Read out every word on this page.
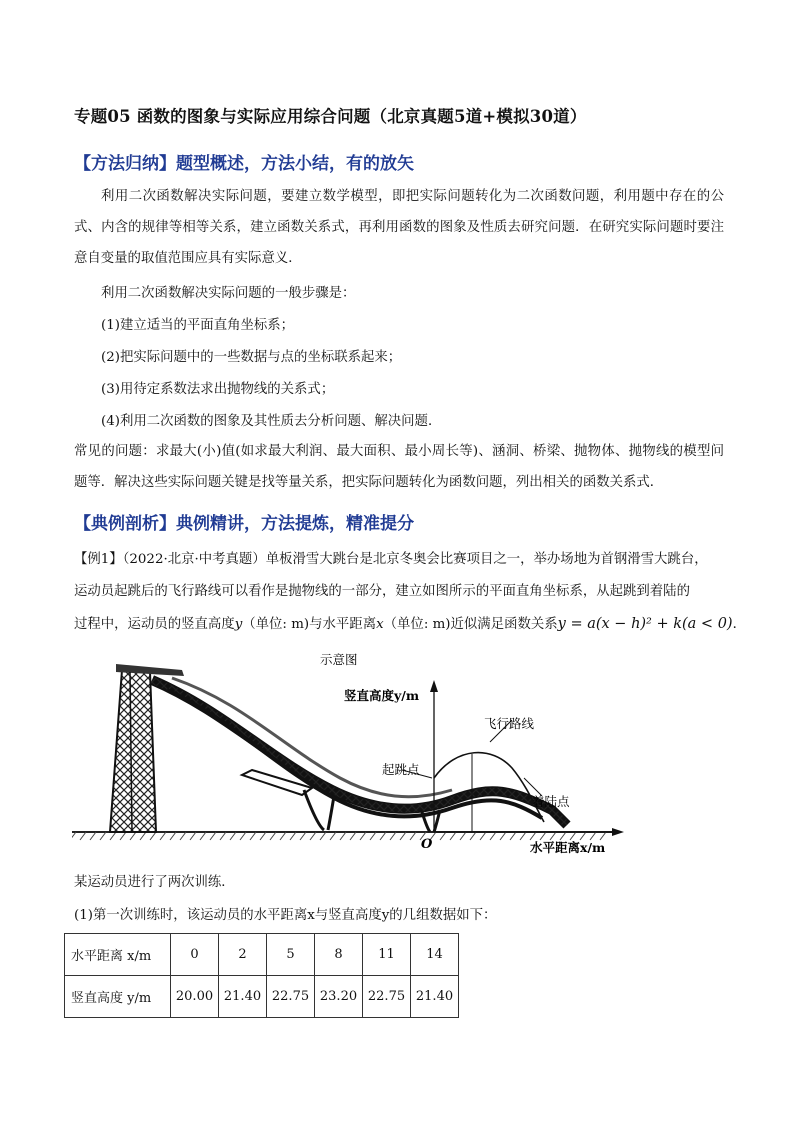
专题05 函数的图象与实际应用综合问题（北京真题5道+模拟30道）
【方法归纳】题型概述，方法小结，有的放矢
利用二次函数解决实际问题，要建立数学模型，即把实际问题转化为二次函数问题，利用题中存在的公式、内含的规律等相等关系，建立函数关系式，再利用函数的图象及性质去研究问题．在研究实际问题时要注意自变量的取值范围应具有实际意义．
利用二次函数解决实际问题的一般步骤是：
(1)建立适当的平面直角坐标系；
(2)把实际问题中的一些数据与点的坐标联系起来；
(3)用待定系数法求出抛物线的关系式；
(4)利用二次函数的图象及其性质去分析问题、解决问题．
常见的问题：求最大(小)值(如求最大利润、最大面积、最小周长等)、涵洞、桥梁、抛物体、抛物线的模型问题等．解决这些实际问题关键是找等量关系，把实际问题转化为函数问题，列出相关的函数关系式．
【典例剖析】典例精讲，方法提炼，精准提分
【例1】（2022·北京·中考真题）单板滑雪大跳台是北京冬奥会比赛项目之一，举办场地为首钢滑雪大跳台，
运动员起跳后的飞行路线可以看作是抛物线的一部分，建立如图所示的平面直角坐标系，从起跳到着陆的
过程中，运动员的竖直高度y（单位: m)与水平距离x（单位: m)近似满足函数关系y = a(x − h)² + k(a < 0)．
示意图
竖直高度y/m
飞行路线
起跳点
着陆点
O	水平距离x/m
某运动员进行了两次训练．
(1)第一次训练时，该运动员的水平距离x与竖直高度y的几组数据如下：
水平距离 x/m	0	2	5	8	11	14
竖直高度 y/m	20.00	21.40	22.75	23.20	22.75	21.40
